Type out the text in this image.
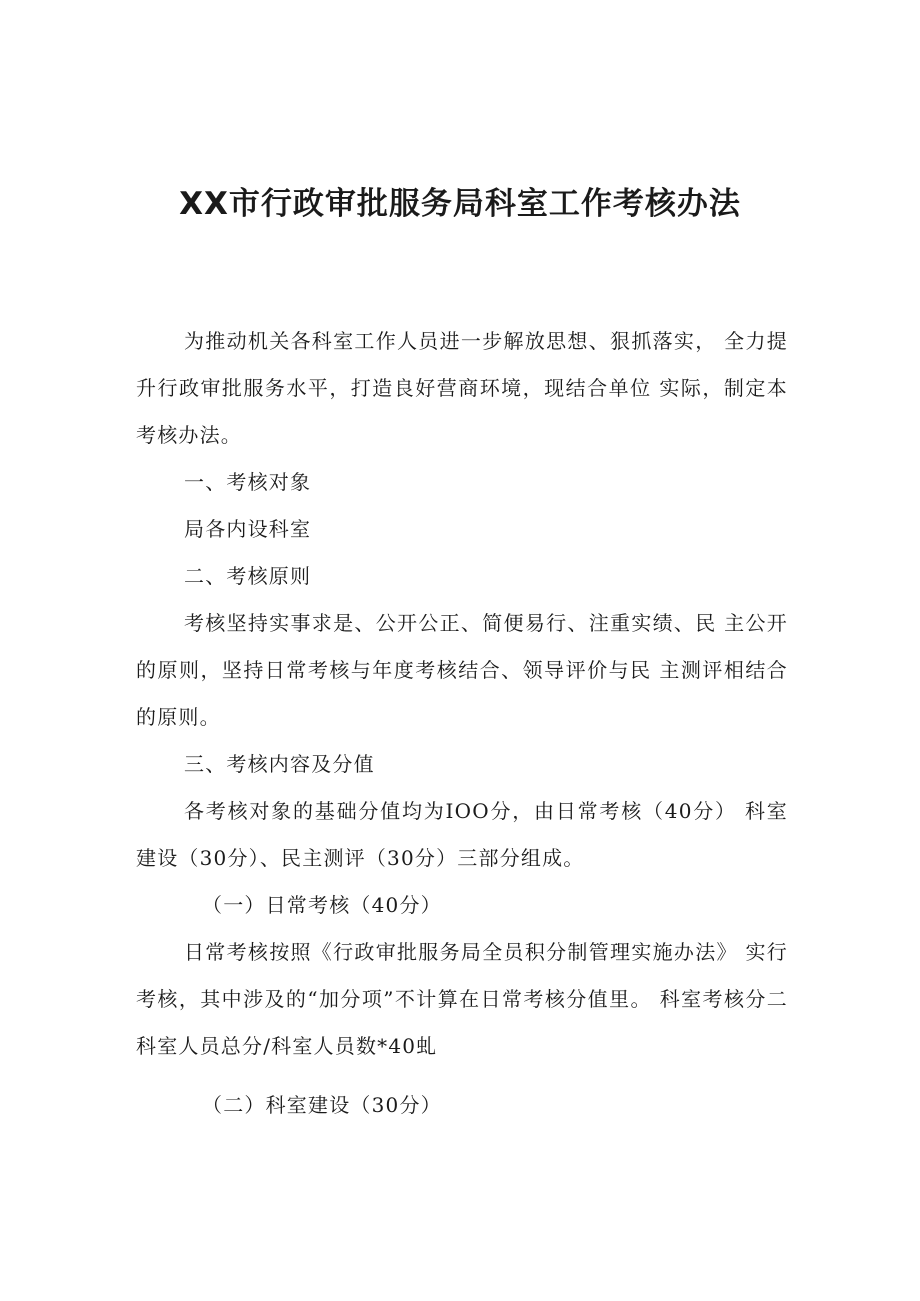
XX市行政审批服务局科室工作考核办法

为推动机关各科室工作人员进一步解放思想、狠抓落实， 全力提升行政审批服务水平，打造良好营商环境，现结合单位 实际，制定本考核办法。

一、考核对象

局各内设科室

二、考核原则

考核坚持实事求是、公开公正、简便易行、注重实绩、民 主公开的原则，坚持日常考核与年度考核结合、领导评价与民 主测评相结合的原则。

三、考核内容及分值

各考核对象的基础分值均为IOO分，由日常考核（40分） 科室建设（30分）、民主测评（30分）三部分组成。

（一）日常考核（40分）

日常考核按照《行政审批服务局全员积分制管理实施办法》 实行考核，其中涉及的“加分项”不计算在日常考核分值里。 科室考核分二科室人员总分/科室人员数*40虬

（二）科室建设（30分）
